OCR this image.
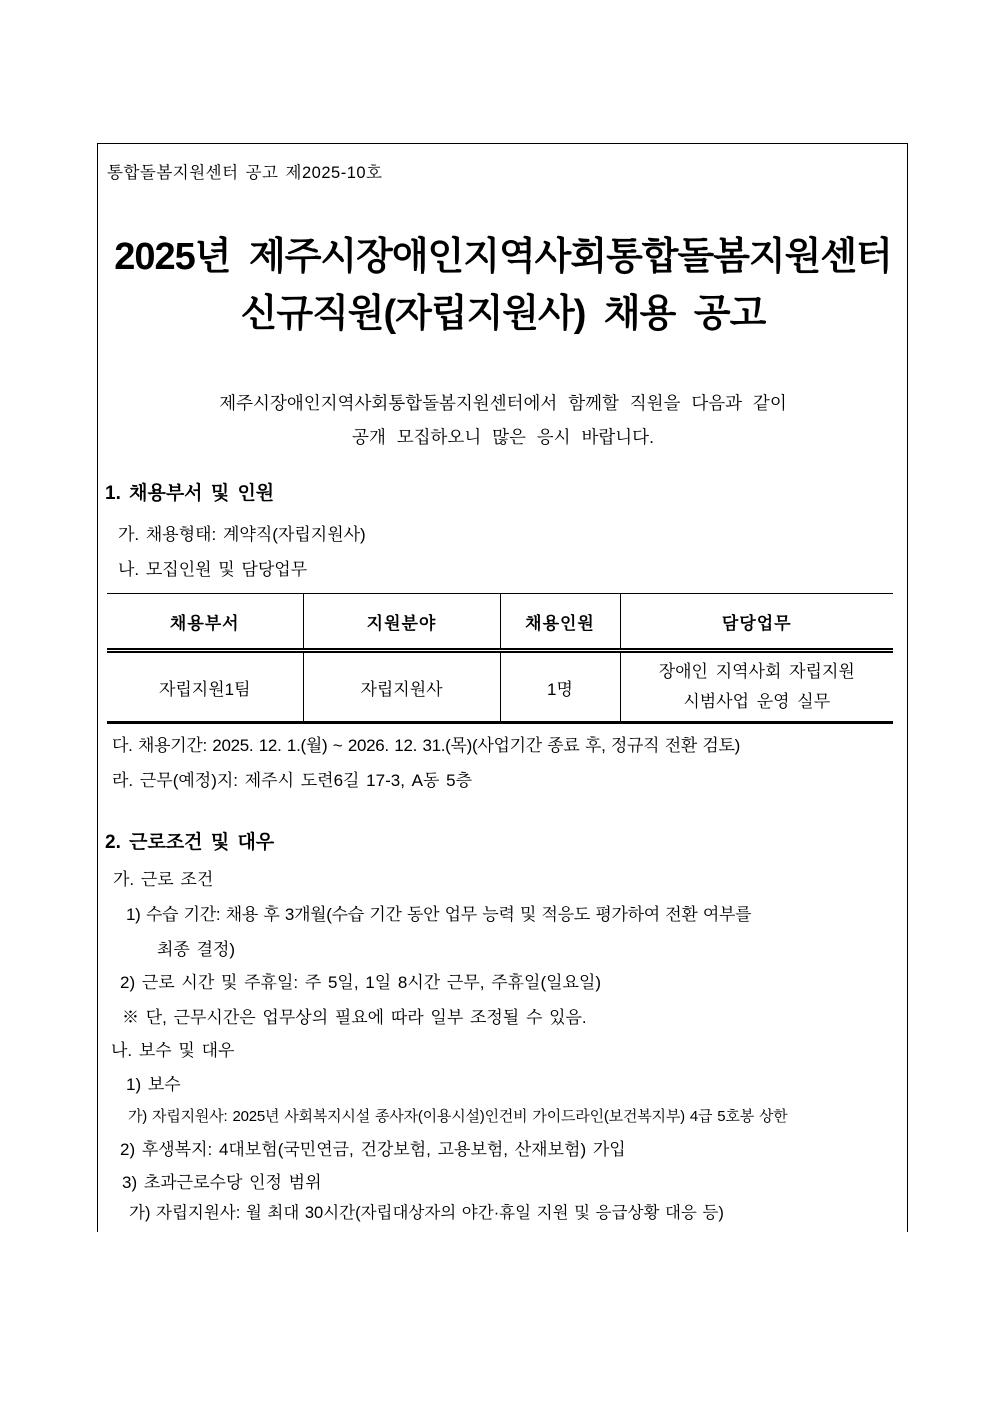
통합돌봄지원센터 공고 제2025-10호
2025년 제주시장애인지역사회통합돌봄지원센터
신규직원(자립지원사) 채용 공고
제주시장애인지역사회통합돌봄지원센터에서 함께할 직원을 다음과 같이
공개 모집하오니 많은 응시 바랍니다.
1. 채용부서 및 인원
가. 채용형태: 계약직(자립지원사)
나. 모집인원 및 담당업무
채용부서	지원분야	채용인원	담당업무
자립지원1팀	자립지원사	1명	장애인 지역사회 자립지원
시범사업 운영 실무
다. 채용기간: 2025. 12. 1.(월) ~ 2026. 12. 31.(목)(사업기간 종료 후, 정규직 전환 검토)
라. 근무(예정)지: 제주시 도련6길 17-3, A동 5층
2. 근로조건 및 대우
가. 근로 조건
1) 수습 기간: 채용 후 3개월(수습 기간 동안 업무 능력 및 적응도 평가하여 전환 여부를
최종 결정)
2) 근로 시간 및 주휴일: 주 5일, 1일 8시간 근무, 주휴일(일요일)
※ 단, 근무시간은 업무상의 필요에 따라 일부 조정될 수 있음.
나. 보수 및 대우
1) 보수
가) 자립지원사: 2025년 사회복지시설 종사자(이용시설)인건비 가이드라인(보건복지부) 4급 5호봉 상한
2) 후생복지: 4대보험(국민연금, 건강보험, 고용보험, 산재보험) 가입
3) 초과근로수당 인정 범위
가) 자립지원사: 월 최대 30시간(자립대상자의 야간·휴일 지원 및 응급상황 대응 등)
